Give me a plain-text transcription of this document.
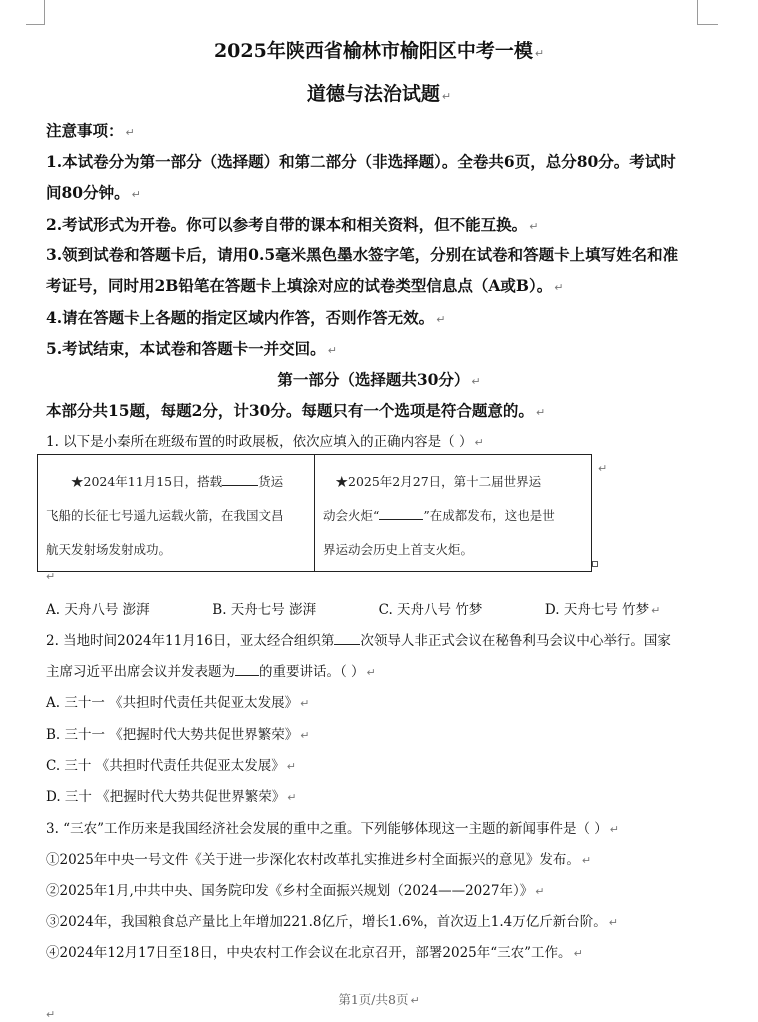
2025年陕西省榆林市榆阳区中考一模 ↵
道德与法治试题 ↵
注意事项： ↵
1.本试卷分为第一部分（选择题）和第二部分（非选择题）。全卷共6页，总分80分。考试时
间80分钟。 ↵
2.考试形式为开卷。你可以参考自带的课本和相关资料，但不能互换。 ↵
3.领到试卷和答题卡后，请用0.5毫米黑色墨水签字笔，分别在试卷和答题卡上填写姓名和准
考证号，同时用2B铅笔在答题卡上填涂对应的试卷类型信息点（A或B）。 ↵
4.请在答题卡上各题的指定区域内作答，否则作答无效。 ↵
5.考试结束，本试卷和答题卡一并交回。 ↵
第一部分（选择题共30分） ↵
本部分共15题，每题2分，计30分。每题只有一个选项是符合题意的。 ↵
1. 以下是小秦所在班级布置的时政展板，依次应填入的正确内容是（ ） ↵
★2024年11月15日，搭载	货运
飞船的长征七号遥九运载火箭，在我国文昌
航天发射场发射成功。

★2025年2月27日，第十二届世界运
动会火炬“	”在成都发布，这也是世
界运动会历史上首支火炬。
↵
↵
A. 天舟八号 澎湃	B. 天舟七号 澎湃	C. 天舟八号 竹梦	D. 天舟七号 竹梦 ↵
2. 当地时间2024年11月16日，亚太经合组织第 次领导人非正式会议在秘鲁利马会议中心举行。国家
主席习近平出席会议并发表题为 的重要讲话。（ ） ↵
A. 三十一 《共担时代责任共促亚太发展》 ↵
B. 三十一 《把握时代大势共促世界繁荣》 ↵
C. 三十 《共担时代责任共促亚太发展》 ↵
D. 三十 《把握时代大势共促世界繁荣》 ↵
3. “三农”工作历来是我国经济社会发展的重中之重。下列能够体现这一主题的新闻事件是（ ） ↵
①2025年中央一号文件《关于进一步深化农村改革扎实推进乡村全面振兴的意见》发布。 ↵
②2025年1月,中共中央、国务院印发《乡村全面振兴规划（2024——2027年）》 ↵
③2024年，我国粮食总产量比上年增加221.8亿斤，增长1.6%，首次迈上1.4万亿斤新台阶。 ↵
④2024年12月17日至18日，中央农村工作会议在北京召开，部署2025年“三农”工作。 ↵
第1页/共8页 ↵
↵
